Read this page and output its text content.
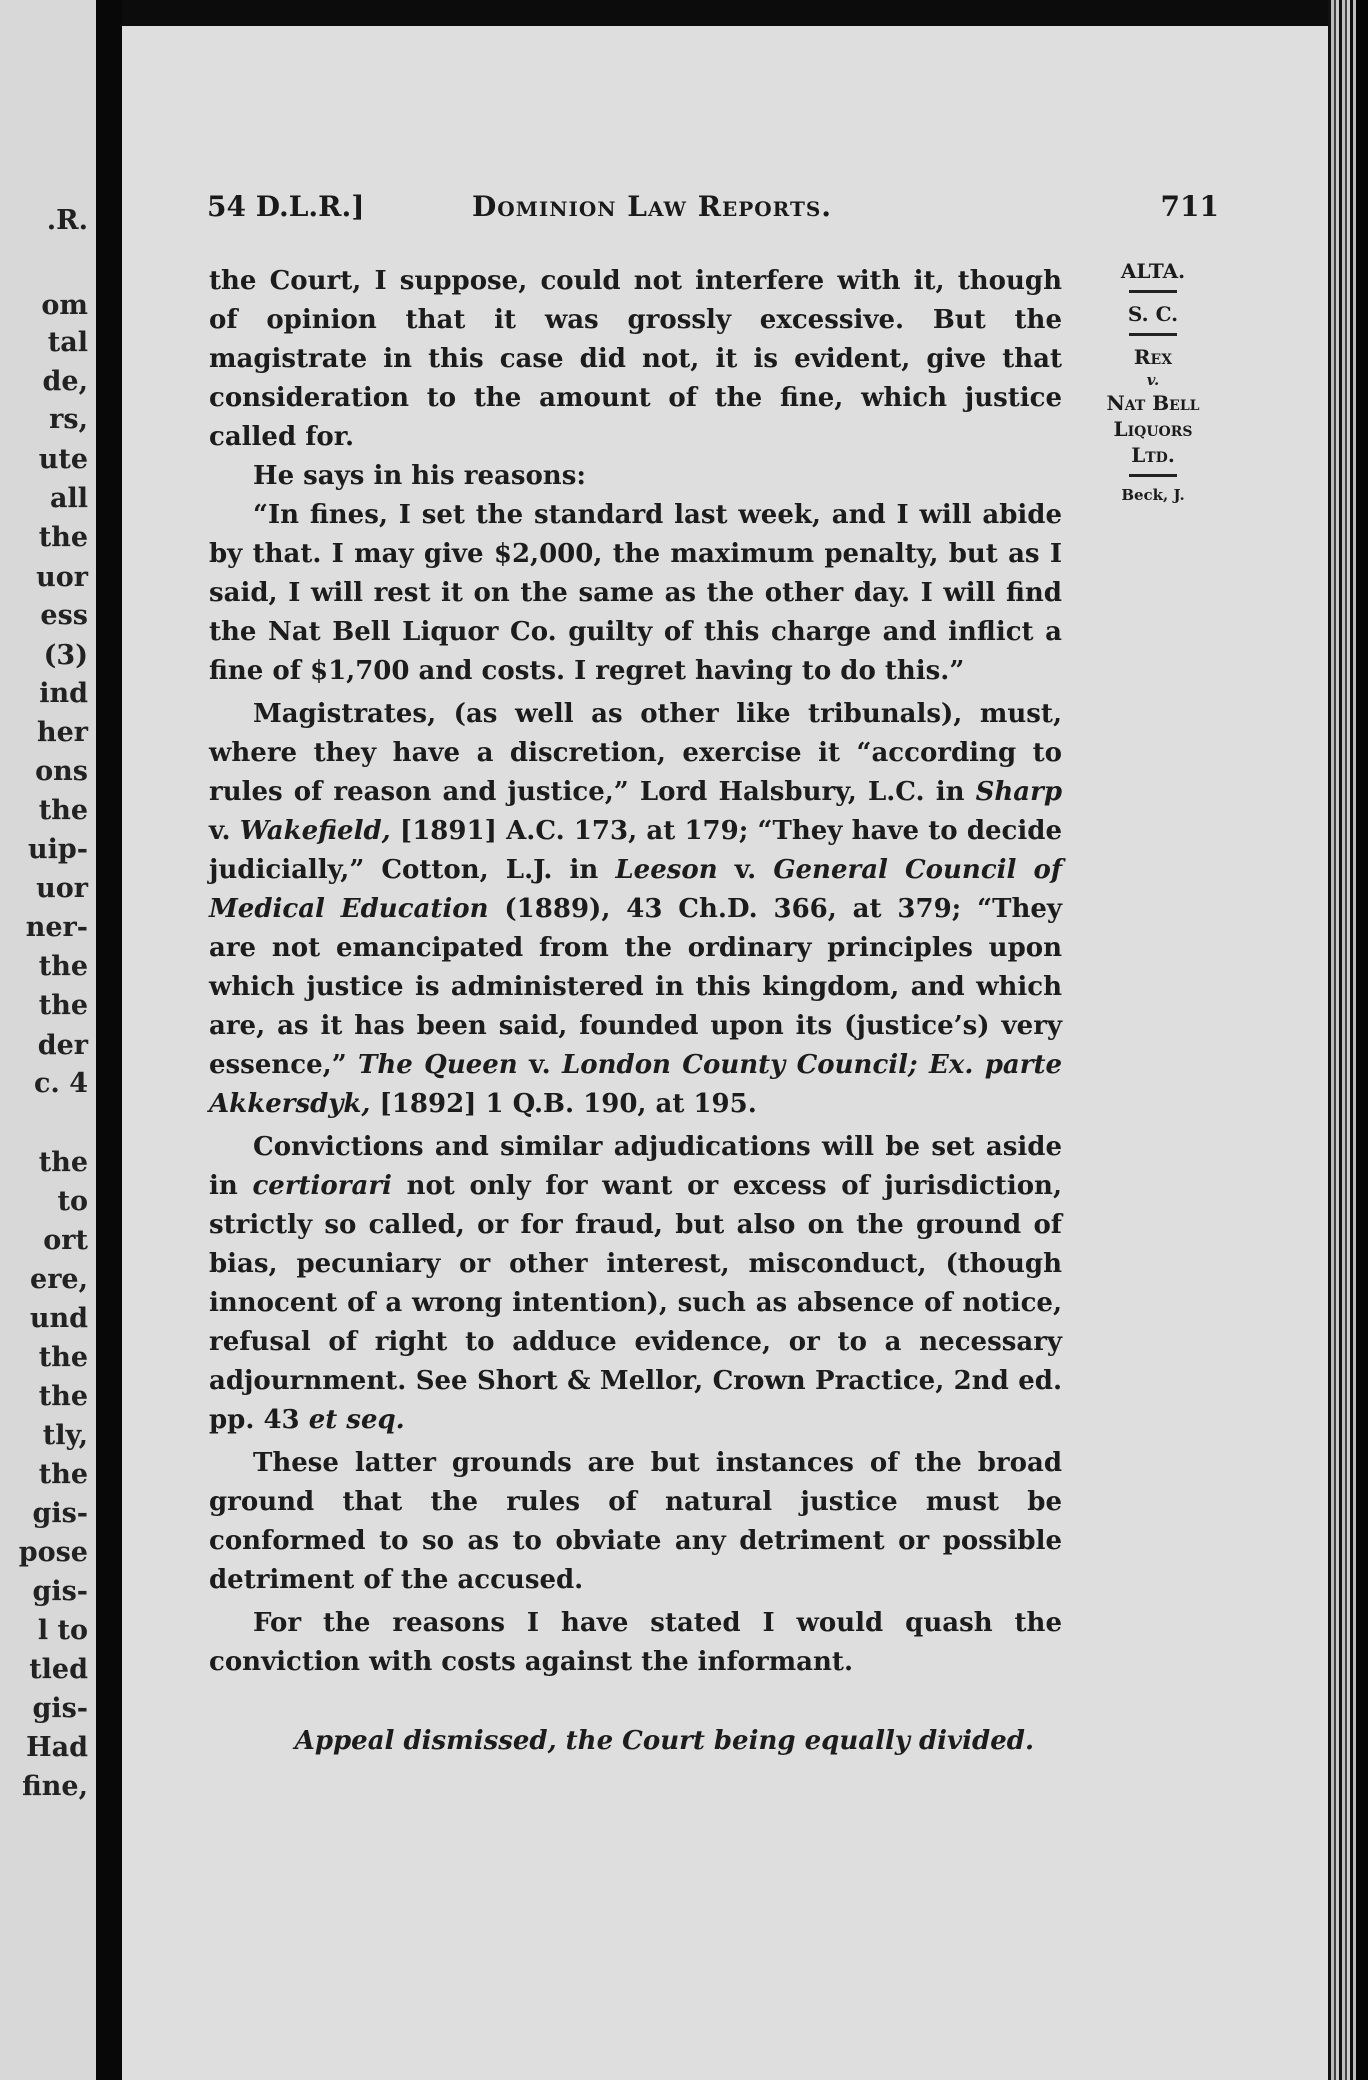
.R.
om
tal
de,
rs,
ute
all
the
uor
ess
(3)
ind
her
ons
the
uip-
uor
ner-
the
the
der
c. 4
the
to
ort
ere,
und
the
the
tly,
the
gis-
pose
gis-
l to
tled
gis-
Had
fine,
54 D.L.R.]	Dominion Law Reports.	711
ALTA.
S. C.
Rex
v.
Nat Bell
Liquors
Ltd.
Beck, J.

the Court, I suppose, could not interfere with it, though of opinion that it was grossly excessive. But the magistrate in this case did not, it is evident, give that consideration to the amount of the fine, which justice called for.

He says in his reasons:

“In fines, I set the standard last week, and I will abide by that. I may give $2,000, the maximum penalty, but as I said, I will rest it on the same as the other day. I will find the Nat Bell Liquor Co. guilty of this charge and inflict a fine of $1,700 and costs. I regret having to do this.”

Magistrates, (as well as other like tribunals), must, where they have a discretion, exercise it “according to rules of reason and justice,” Lord Halsbury, L.C. in Sharp v. Wakefield, [1891] A.C. 173, at 179; “They have to decide judicially,” Cotton, L.J. in Leeson v. General Council of Medical Education (1889), 43 Ch.D. 366, at 379; “They are not emancipated from the ordinary principles upon which justice is administered in this kingdom, and which are, as it has been said, founded upon its (justice’s) very essence,” The Queen v. London County Council; Ex. parte Akkersdyk, [1892] 1 Q.B. 190, at 195.

Convictions and similar adjudications will be set aside in certiorari not only for want or excess of jurisdiction, strictly so called, or for fraud, but also on the ground of bias, pecuniary or other interest, misconduct, (though innocent of a wrong intention), such as absence of notice, refusal of right to adduce evidence, or to a necessary adjournment. See Short & Mellor, Crown Practice, 2nd ed. pp. 43 et seq.

These latter grounds are but instances of the broad ground that the rules of natural justice must be conformed to so as to obviate any detriment or possible detriment of the accused.

For the reasons I have stated I would quash the conviction with costs against the informant.

Appeal dismissed, the Court being equally divided.
